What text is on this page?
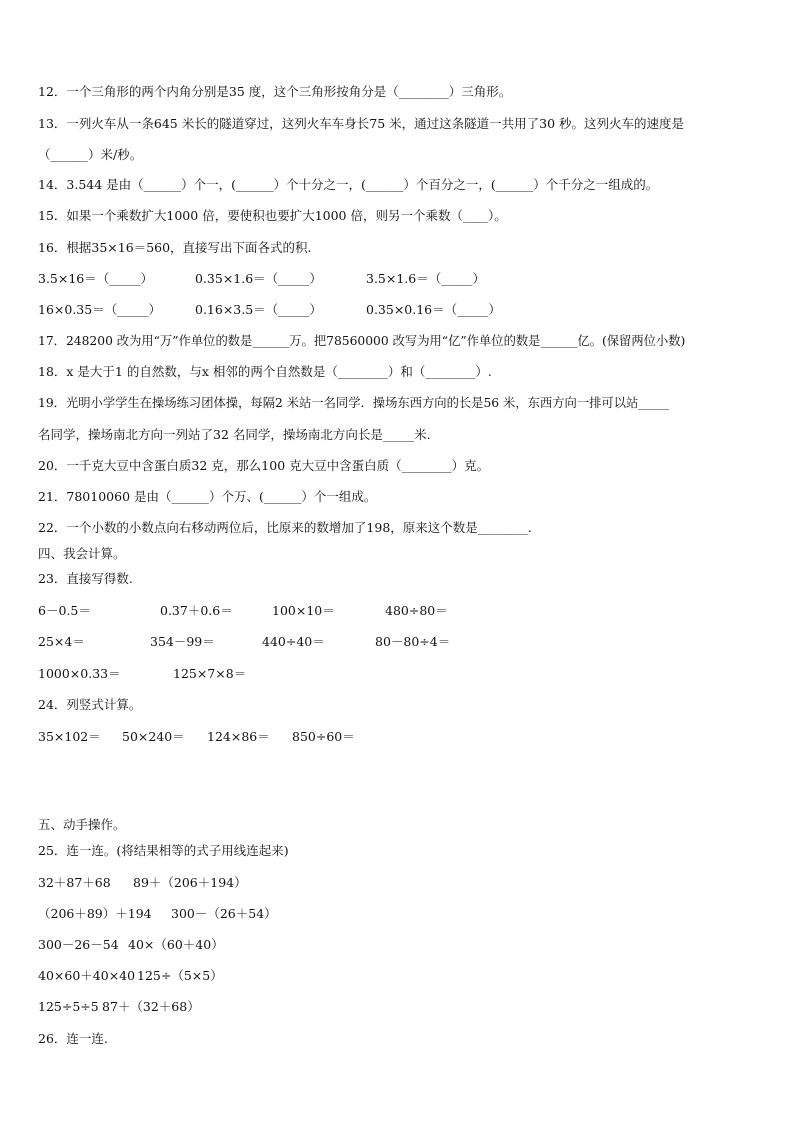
12．一个三角形的两个内角分别是35 度，这个三角形按角分是（________）三角形。
13．一列火车从一条645 米长的隧道穿过，这列火车车身长75 米，通过这条隧道一共用了30 秒。这列火车的速度是
（______）米/秒。
14．3.544 是由（______）个一，(______）个十分之一，(______）个百分之一，(______）个千分之一组成的。
15．如果一个乘数扩大1000 倍，要使积也要扩大1000 倍，则另一个乘数（____）。
16．根据35×16＝560，直接写出下面各式的积.
3.5×16＝（_____）	0.35×1.6＝（_____）	3.5×1.6＝（_____）
16×0.35＝（_____）	0.16×3.5＝（_____）	0.35×0.16＝（_____）
17．248200 改为用“万”作单位的数是______万。把78560000 改写为用“亿”作单位的数是______亿。(保留两位小数)
18．x 是大于1 的自然数，与x 相邻的两个自然数是（________）和（________）.
19．光明小学学生在操场练习团体操，每隔2 米站一名同学．操场东西方向的长是56 米，东西方向一排可以站_____
名同学，操场南北方向一列站了32 名同学，操场南北方向长是_____米.
20．一千克大豆中含蛋白质32 克，那么100 克大豆中含蛋白质（________）克。
21．78010060 是由（______）个万、(______）个一组成。
22．一个小数的小数点向右移动两位后，比原来的数增加了198，原来这个数是________.
四、我会计算。
23．直接写得数.
6－0.5＝	0.37＋0.6＝	100×10＝	480÷80＝
25×4＝	354－99＝	440÷40＝	80－80÷4＝
1000×0.33＝	125×7×8＝
24．列竖式计算。
35×102＝ 50×240＝ 124×86＝ 850÷60＝
五、动手操作。
25．连一连。(将结果相等的式子用线连起来)
32＋87＋68 89＋（206＋194）
（206＋89）＋194 300－（26＋54）
300－26－54 40×（60＋40）
40×60＋40×40 125÷（5×5）
125÷5÷5 87＋（32＋68）
26．连一连.
